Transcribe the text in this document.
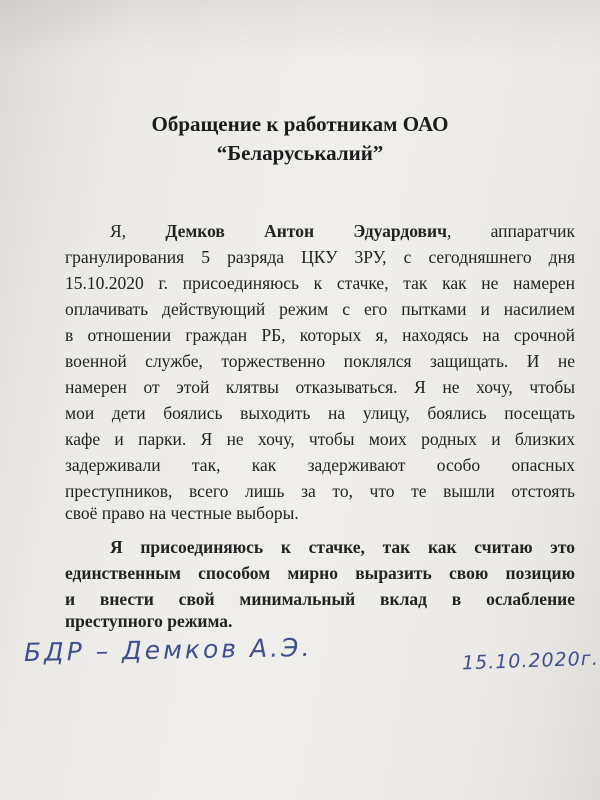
Обращение к работникам ОАО
“Беларуськалий”
Я, Демков Антон Эдуардович, аппаратчик
гранулирования 5 разряда ЦКУ 3РУ, с сегодняшнего дня
15.10.2020 г. присоединяюсь к стачке, так как не намерен
оплачивать действующий режим с его пытками и насилием
в отношении граждан РБ, которых я, находясь на срочной
военной службе, торжественно поклялся защищать. И не
намерен от этой клятвы отказываться. Я не хочу, чтобы
мои дети боялись выходить на улицу, боялись посещать
кафе и парки. Я не хочу, чтобы моих родных и близких
задерживали так, как задерживают особо опасных
преступников, всего лишь за то, что те вышли отстоять
своё право на честные выборы.
Я присоединяюсь к стачке, так как считаю это
единственным способом мирно выразить свою позицию
и внести свой минимальный вклад в ослабление
преступного режима.
БДР – Демков А.Э.	15.10.2020г.
